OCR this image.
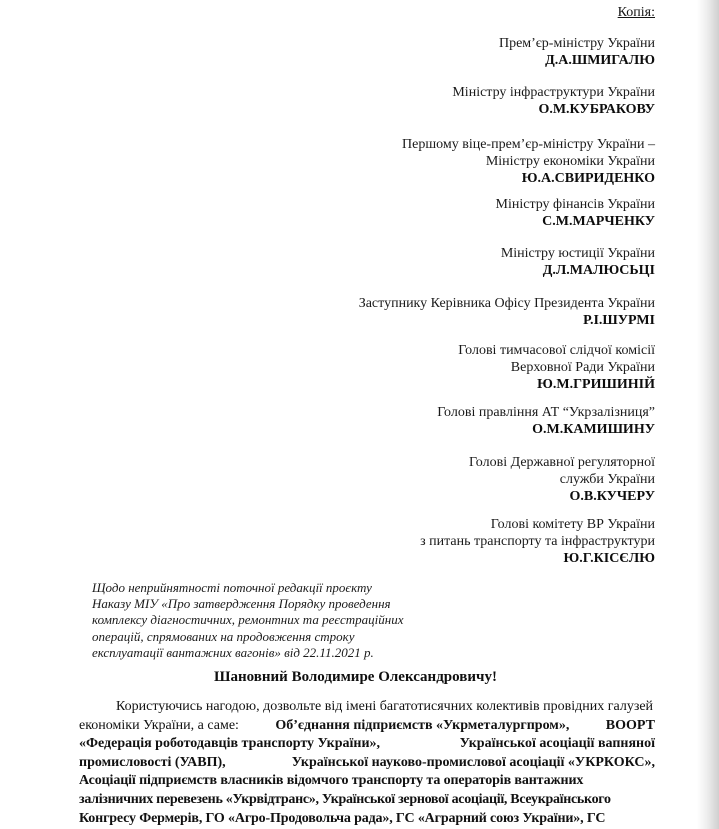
Копія:
Прем’єр-міністру України
Д.А.ШМИГАЛЮ
Міністру інфраструктури України
О.М.КУБРАКОВУ
Першому віце-прем’єр-міністру України –
Міністру економіки України
Ю.А.СВИРИДЕНКО
Міністру фінансів України
С.М.МАРЧЕНКУ
Міністру юстиції України
Д.Л.МАЛЮСЬЦІ
Заступнику Керівника Офісу Президента України
Р.І.ШУРМІ
Голові тимчасової слідчої комісії
Верховної Ради України
Ю.М.ГРИШИНІЙ
Голові правління АТ “Укрзалізниця”
О.М.КАМИШИНУ
Голові Державної регуляторної
служби України
О.В.КУЧЕРУ
Голові комітету ВР України
з питань транспорту та інфраструктури
Ю.Г.КІСЄЛЮ
Щодо неприйнятності поточної редакції проєкту
Наказу МІУ «Про затвердження Порядку проведення
комплексу діагностичних, ремонтних та реєстраційних
операцій, спрямованих на продовження строку
експлуатації вантажних вагонів» від 22.11.2021 р.
Шановний Володимире Олександровичу!
Користуючись нагодою, дозвольте від імені багатотисячних колективів провідних галузей
економіки України, а саме:	Об’єднання підприємств «Укрметалургпром»,	ВООРТ
«Федерація роботодавців транспорту України»,	Української асоціації вапняної
промисловості (УАВП),	Української науково-промислової асоціації «УКРКОКС»,
Асоціації підприємств власників відомчого транспорту та операторів вантажних
залізничних перевезень «Укрвідтранс», Української зернової асоціації, Всеукраїнського
Конгресу Фермерів, ГО «Агро-Продовольча рада», ГС «Аграрний союз України», ГС
